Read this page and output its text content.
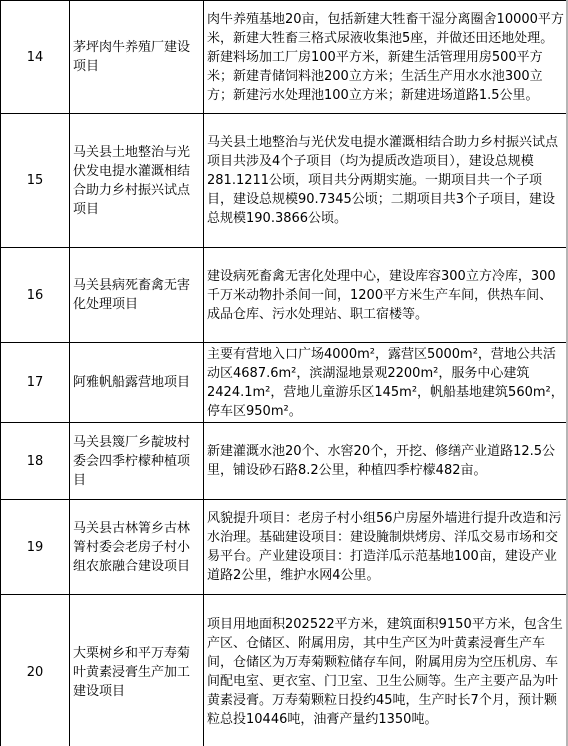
14	茅坪肉牛养殖厂建设项目	肉牛养殖基地20亩，包括新建大牲畜干湿分离圈舍10000平方米，新建大牲畜三格式尿液收集池5座，并做还田还地处理。新建料场加工厂房100平方米，新建生活管理用房500平方米；新建青储饲料池200立方米；生活生产用水水池300立方；新建污水处理池100立方米；新建进场道路1.5公里。
15	马关县土地整治与光伏发电提水灌溉相结合助力乡村振兴试点项目	马关县土地整治与光伏发电提水灌溉相结合助力乡村振兴试点项目共涉及4个子项目（均为提质改造项目），建设总规模281.1211公顷，项目共分两期实施。一期项目共一个子项目，建设总规模90.7345公顷；二期项目共3个子项目，建设总规模190.3866公顷。
16	马关县病死畜禽无害化处理项目	建设病死畜禽无害化处理中心，建设库容300立方冷库，300千万米动物扑杀间一间，1200平方米生产车间，供热车间、成品仓库、污水处理站、职工宿楼等。
17	阿雅帆船露营地项目	主要有营地入口广场4000m²，露营区5000m²，营地公共活动区4687.6m²，滨湖湿地景观2200m²，服务中心建筑2424.1m²，营地儿童游乐区145m²，帆船基地建筑560m²，停车区950m²。
18	马关县篾厂乡靛坡村委会四季柠檬种植项目	新建灌溉水池20个、水窖20个，开挖、修缮产业道路12.5公里，铺设砂石路8.2公里，种植四季柠檬482亩。
19	马关县古林箐乡古林箐村委会老房子村小组农旅融合建设项目	风貌提升项目：老房子村小组56户房屋外墙进行提升改造和污水治理。基础建设项目：建设腌制烘烤房、洋瓜交易市场和交易平台。产业建设项目：打造洋瓜示范基地100亩，建设产业道路2公里，维护水网4公里。
20	大栗树乡和平万寿菊叶黄素浸膏生产加工建设项目	项目用地面积202522平方米，建筑面积9150平方米，包含生产区、仓储区、附属用房，其中生产区为叶黄素浸膏生产车间，仓储区为万寿菊颗粒储存车间，附属用房为空压机房、车间配电室、更衣室、门卫室、卫生公厕等。生产主要产品为叶黄素浸膏。万寿菊颗粒日投约45吨，生产时长7个月，预计颗粒总投10446吨，油膏产量约1350吨。
